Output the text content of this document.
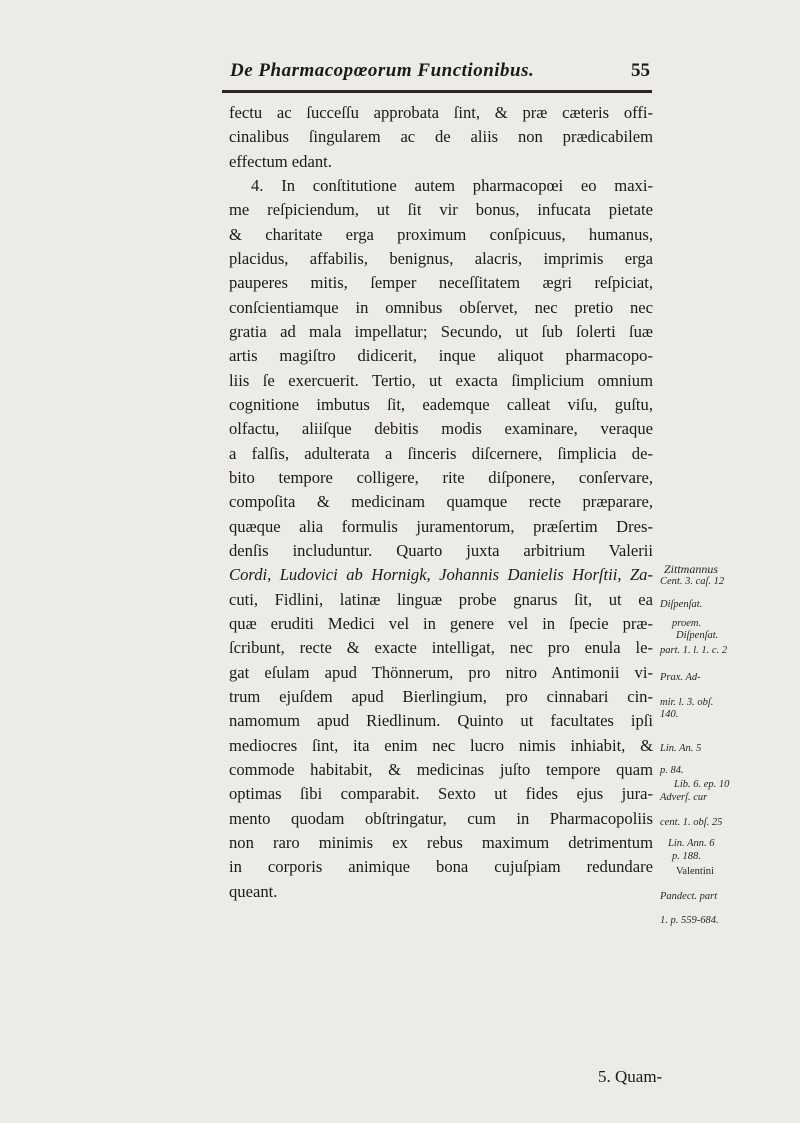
De Pharmacopœorum Functionibus.	55
fectu ac ſucceſſu approbata ſint, & præ cæteris offi-
cinalibus ſingularem ac de aliis non prædicabilem
effectum edant.
4. In conſtitutione autem pharmacopœi eo maxi-
me reſpiciendum, ut ſit vir bonus, infucata pietate
& charitate erga proximum conſpicuus, humanus,
placidus, affabilis, benignus, alacris, imprimis erga
pauperes mitis, ſemper neceſſitatem ægri reſpiciat,
conſcientiamque in omnibus obſervet, nec pretio nec
gratia ad mala impellatur; Secundo, ut ſub ſolerti ſuæ
artis magiſtro didicerit, inque aliquot pharmacopo-
liis ſe exercuerit. Tertio, ut exacta ſimplicium omnium
cognitione imbutus ſit, eademque calleat viſu, guſtu,
olfactu, aliiſque debitis modis examinare, veraque
a falſis, adulterata a ſinceris diſcernere, ſimplicia de-
bito tempore colligere, rite diſponere, conſervare,
compoſita & medicinam quamque recte præparare,
quæque alia formulis juramentorum, præſertim Dres-
denſis includuntur. Quarto juxta arbitrium Valerii
Cordi, Ludovici ab Hornigk, Johannis Danielis Horſtii, Za-
cuti, Fidlini, latinæ linguæ probe gnarus ſit, ut ea
quæ eruditi Medici vel in genere vel in ſpecie præ-
ſcribunt, recte & exacte intelligat, nec pro enula le-
gat eſulam apud Thönnerum, pro nitro Antimonii vi-
trum ejuſdem apud Bierlingium, pro cinnabari cin-
namomum apud Riedlinum. Quinto ut facultates ipſi
mediocres ſint, ita enim nec lucro nimis inhiabit, &
commode habitabit, & medicinas juſto tempore quam
optimas ſibi comparabit. Sexto ut fides ejus jura-
mento quodam obſtringatur, cum in Pharmacopoliis
non raro minimis ex rebus maximum detrimentum
in corporis animique bona cujuſpiam redundare
queant.
Zittmannus
Cent. 3. caſ. 12
Diſpenſat.
proem.
Diſpenſat.
part. 1. l. 1. c. 2
Prax. Ad-
mir. l. 3. obſ.
140.
Lin. An. 5
p. 84.
Lib. 6. ep. 10
Adverſ. cur
cent. 1. obſ. 25
Lin. Ann. 6
p. 188.
Valentini
Pandect. part
1. p. 559-684.
5. Quam-
